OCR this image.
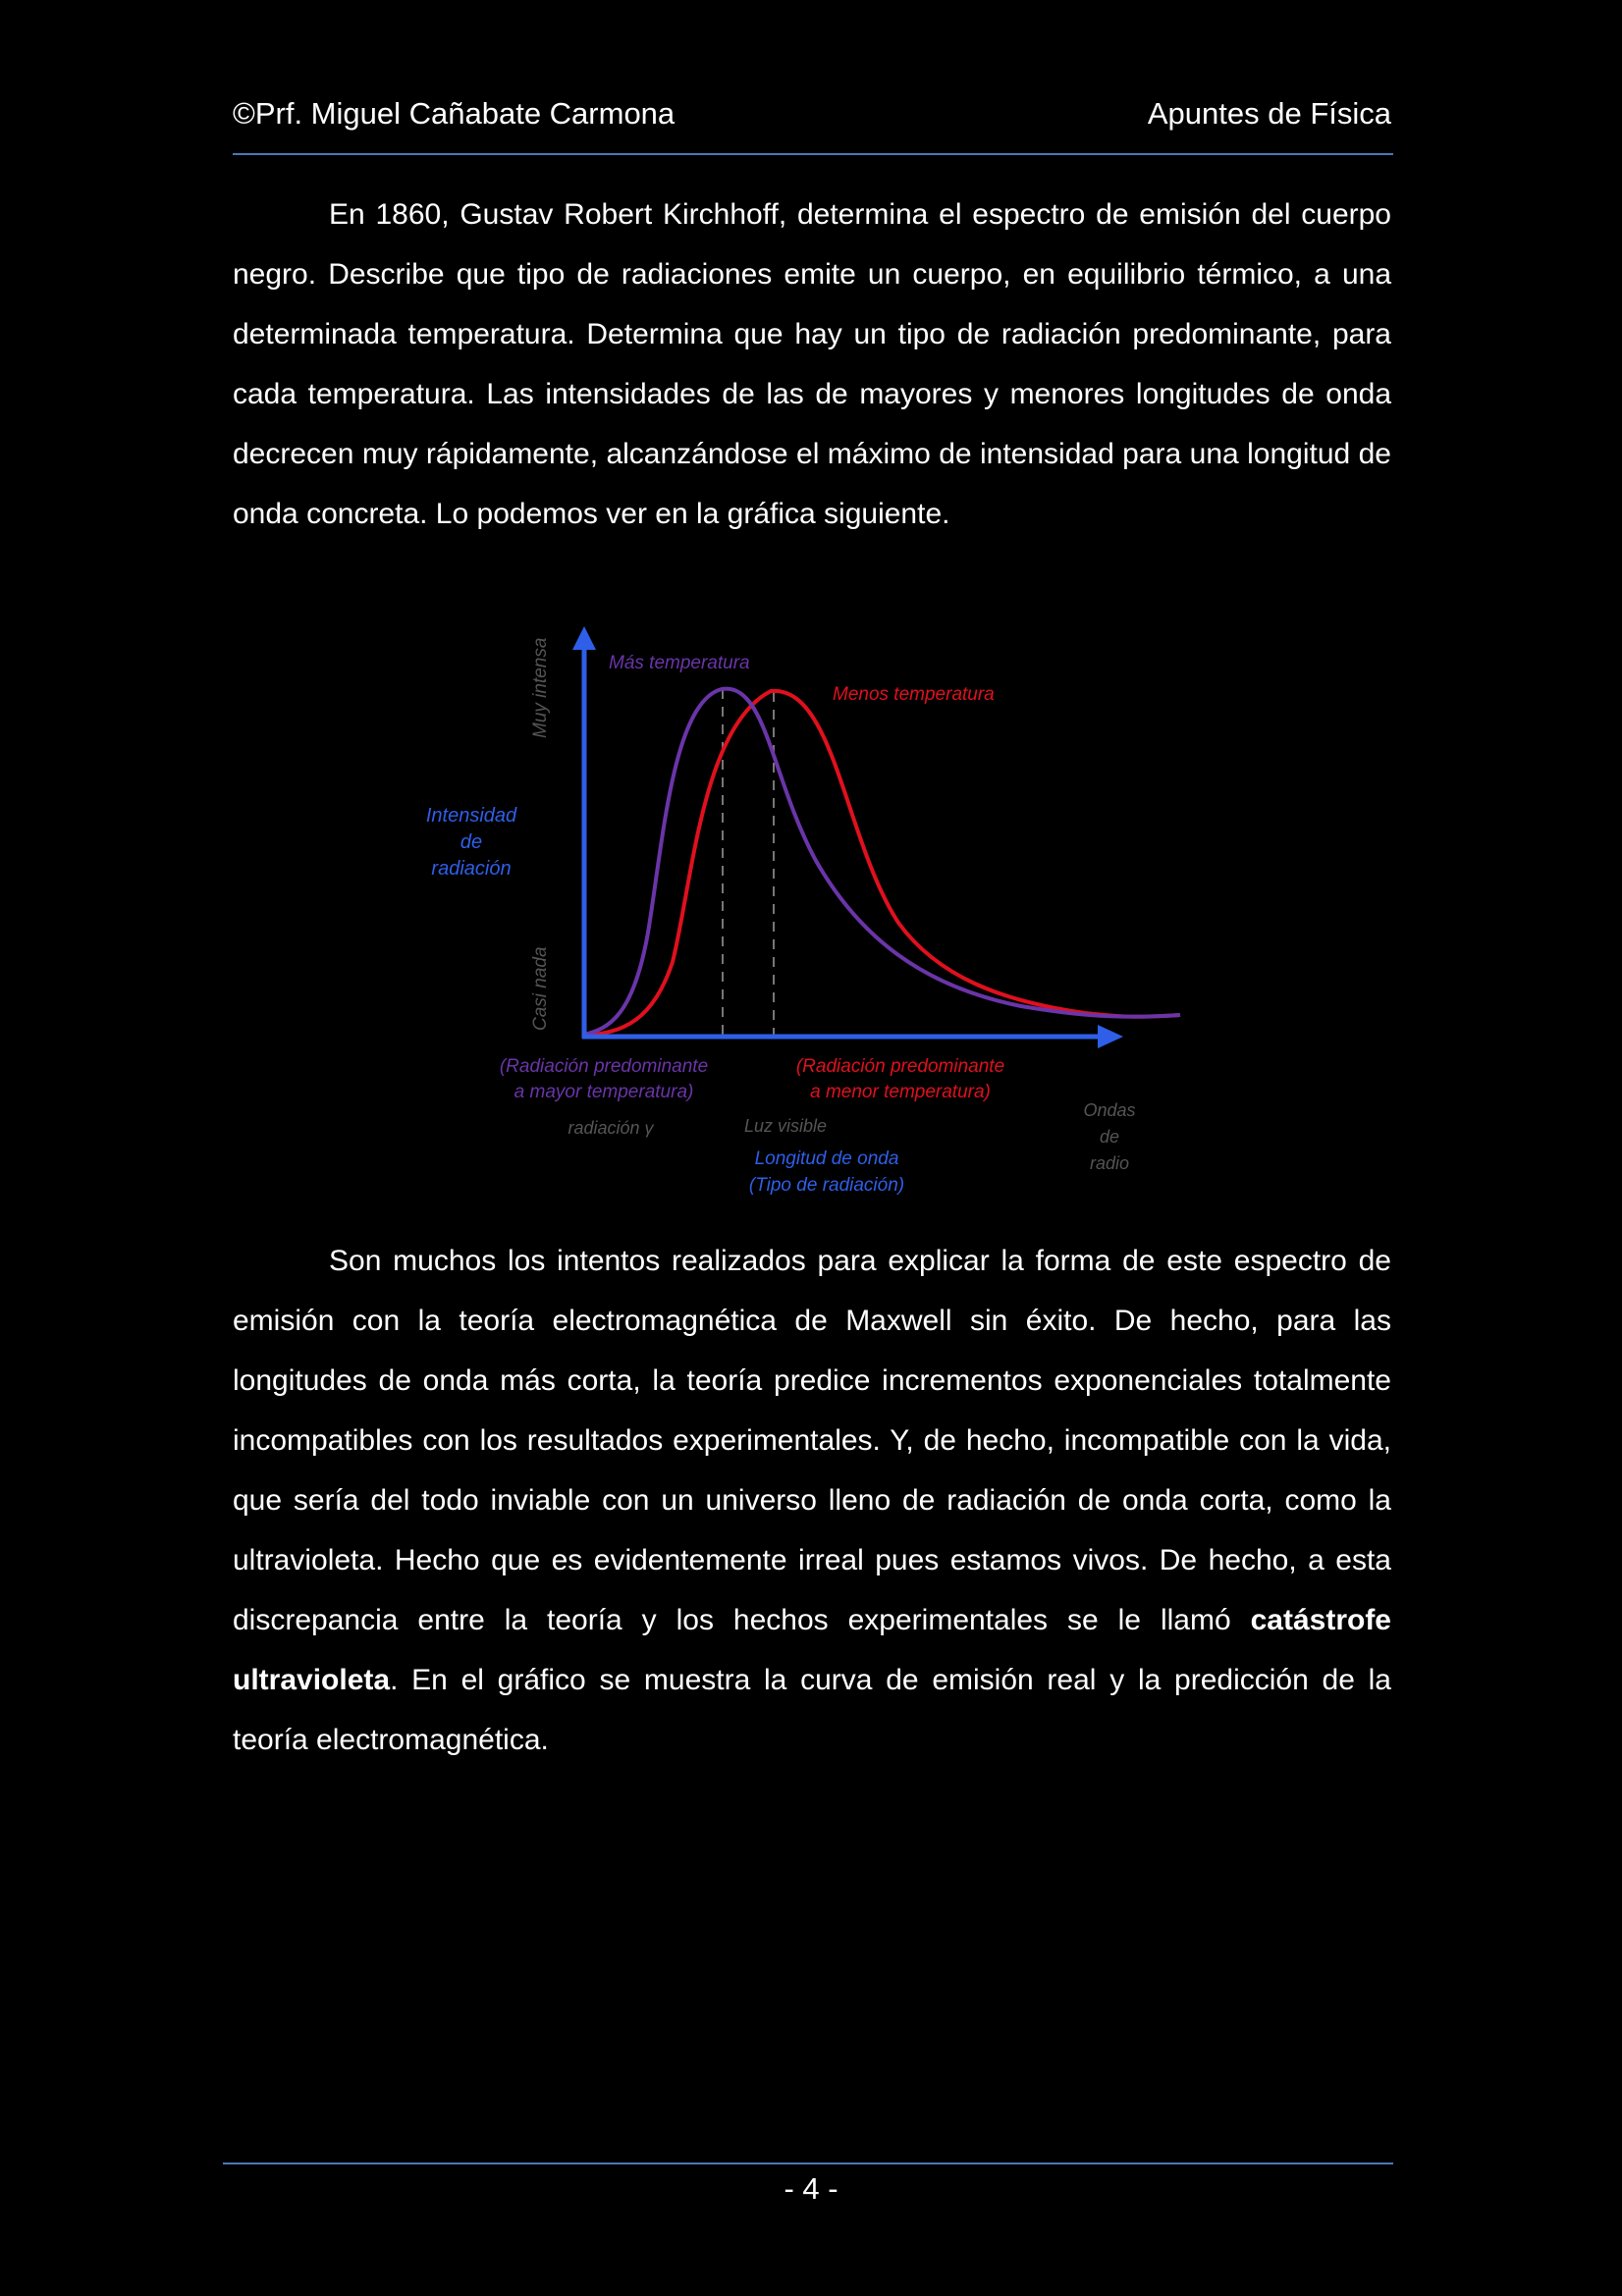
©Prf. Miguel Cañabate Carmona	Apuntes de Física

En 1860, Gustav Robert Kirchhoff, determina el espectro de emisión del cuerpo negro. Describe que tipo de radiaciones emite un cuerpo, en equilibrio térmico, a una determinada temperatura. Determina que hay un tipo de radiación predominante, para cada temperatura. Las intensidades de las de mayores y menores longitudes de onda decrecen muy rápidamente, alcanzándose el máximo de intensidad para una longitud de onda concreta. Lo podemos ver en la gráfica siguiente.

Muy intensa
Casi nada
Intensidad
de
radiación
Más temperatura
Menos temperatura
(Radiación predominante
a mayor temperatura)
(Radiación predominante
a menor temperatura)
radiación γ	Luz visible
Longitud de onda
(Tipo de radiación)
Ondas
de
radio

Son muchos los intentos realizados para explicar la forma de este espectro de emisión con la teoría electromagnética de Maxwell sin éxito. De hecho, para las longitudes de onda más corta, la teoría predice incrementos exponenciales totalmente incompatibles con los resultados experimentales. Y, de hecho, incompatible con la vida, que sería del todo inviable con un universo lleno de radiación de onda corta, como la ultravioleta. Hecho que es evidentemente irreal pues estamos vivos. De hecho, a esta discrepancia entre la teoría y los hechos experimentales se le llamó catástrofe ultravioleta. En el gráfico se muestra la curva de emisión real y la predicción de la teoría electromagnética.

- 4 -
